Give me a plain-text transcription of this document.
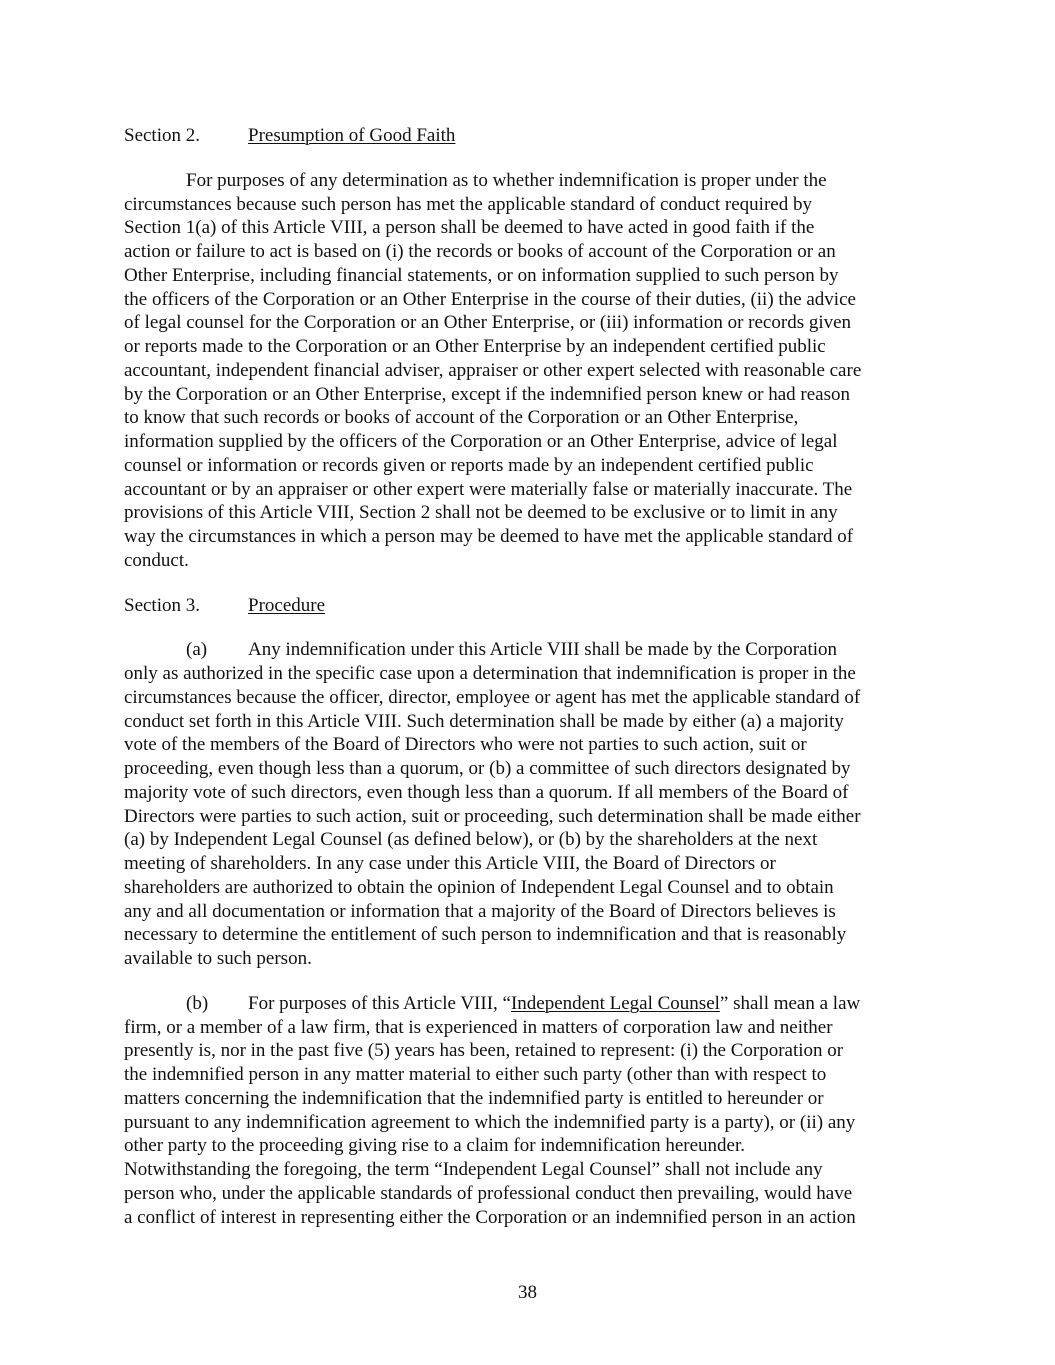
Section 2.	Presumption of Good Faith

For purposes of any determination as to whether indemnification is proper under the
circumstances because such person has met the applicable standard of conduct required by
Section 1(a) of this Article VIII, a person shall be deemed to have acted in good faith if the
action or failure to act is based on (i) the records or books of account of the Corporation or an
Other Enterprise, including financial statements, or on information supplied to such person by
the officers of the Corporation or an Other Enterprise in the course of their duties, (ii) the advice
of legal counsel for the Corporation or an Other Enterprise, or (iii) information or records given
or reports made to the Corporation or an Other Enterprise by an independent certified public
accountant, independent financial adviser, appraiser or other expert selected with reasonable care
by the Corporation or an Other Enterprise, except if the indemnified person knew or had reason
to know that such records or books of account of the Corporation or an Other Enterprise,
information supplied by the officers of the Corporation or an Other Enterprise, advice of legal
counsel or information or records given or reports made by an independent certified public
accountant or by an appraiser or other expert were materially false or materially inaccurate. The
provisions of this Article VIII, Section 2 shall not be deemed to be exclusive or to limit in any
way the circumstances in which a person may be deemed to have met the applicable standard of
conduct.

Section 3.	Procedure

(a) Any indemnification under this Article VIII shall be made by the Corporation
only as authorized in the specific case upon a determination that indemnification is proper in the
circumstances because the officer, director, employee or agent has met the applicable standard of
conduct set forth in this Article VIII. Such determination shall be made by either (a) a majority
vote of the members of the Board of Directors who were not parties to such action, suit or
proceeding, even though less than a quorum, or (b) a committee of such directors designated by
majority vote of such directors, even though less than a quorum. If all members of the Board of
Directors were parties to such action, suit or proceeding, such determination shall be made either
(a) by Independent Legal Counsel (as defined below), or (b) by the shareholders at the next
meeting of shareholders. In any case under this Article VIII, the Board of Directors or
shareholders are authorized to obtain the opinion of Independent Legal Counsel and to obtain
any and all documentation or information that a majority of the Board of Directors believes is
necessary to determine the entitlement of such person to indemnification and that is reasonably
available to such person.

(b) For purposes of this Article VIII, “Independent Legal Counsel” shall mean a law
firm, or a member of a law firm, that is experienced in matters of corporation law and neither
presently is, nor in the past five (5) years has been, retained to represent: (i) the Corporation or
the indemnified person in any matter material to either such party (other than with respect to
matters concerning the indemnification that the indemnified party is entitled to hereunder or
pursuant to any indemnification agreement to which the indemnified party is a party), or (ii) any
other party to the proceeding giving rise to a claim for indemnification hereunder.
Notwithstanding the foregoing, the term “Independent Legal Counsel” shall not include any
person who, under the applicable standards of professional conduct then prevailing, would have
a conflict of interest in representing either the Corporation or an indemnified person in an action

38
